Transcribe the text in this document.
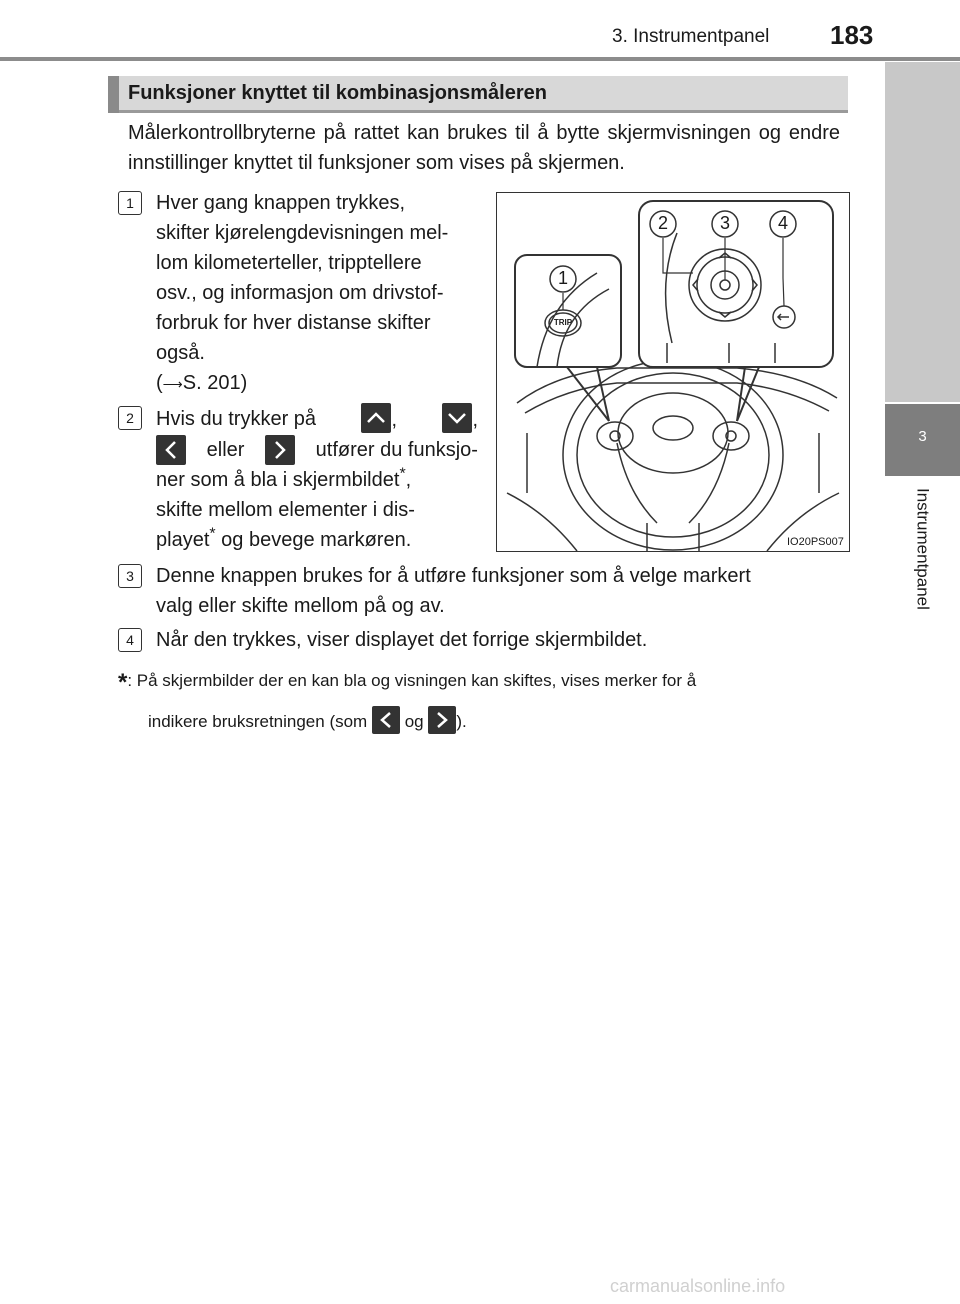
3. Instrumentpanel 183
3
Instrumentpanel
Funksjoner knyttet til kombinasjonsmåleren
Målerkontrollbryterne på rattet kan brukes til å bytte skjermvisningen og endre innstillinger knyttet til funksjoner som vises på skjermen.
1	Hver gang knappen trykkes,
skifter kjørelengdevisningen mel-
lom kilometerteller, tripptellere
osv., og informasjon om drivstof-
forbruk for hver distanse skifter
også.
(⟶S. 201)
2	Hvis du trykker på	,	,
eller	utfører du funksjo-
ner som å bla i skjermbildet*,
skifte mellom elementer i dis-
playet* og bevege markøren.
1
2	3	4
TRIP
IO20PS007
3	Denne knappen brukes for å utføre funksjoner som å velge markert
valg eller skifte mellom på og av.
4	Når den trykkes, viser displayet det forrige skjermbildet.
*: På skjermbilder der en kan bla og visningen kan skiftes, vises merker for å
indikere bruksretningen (som og ).
carmanualsonline.info
